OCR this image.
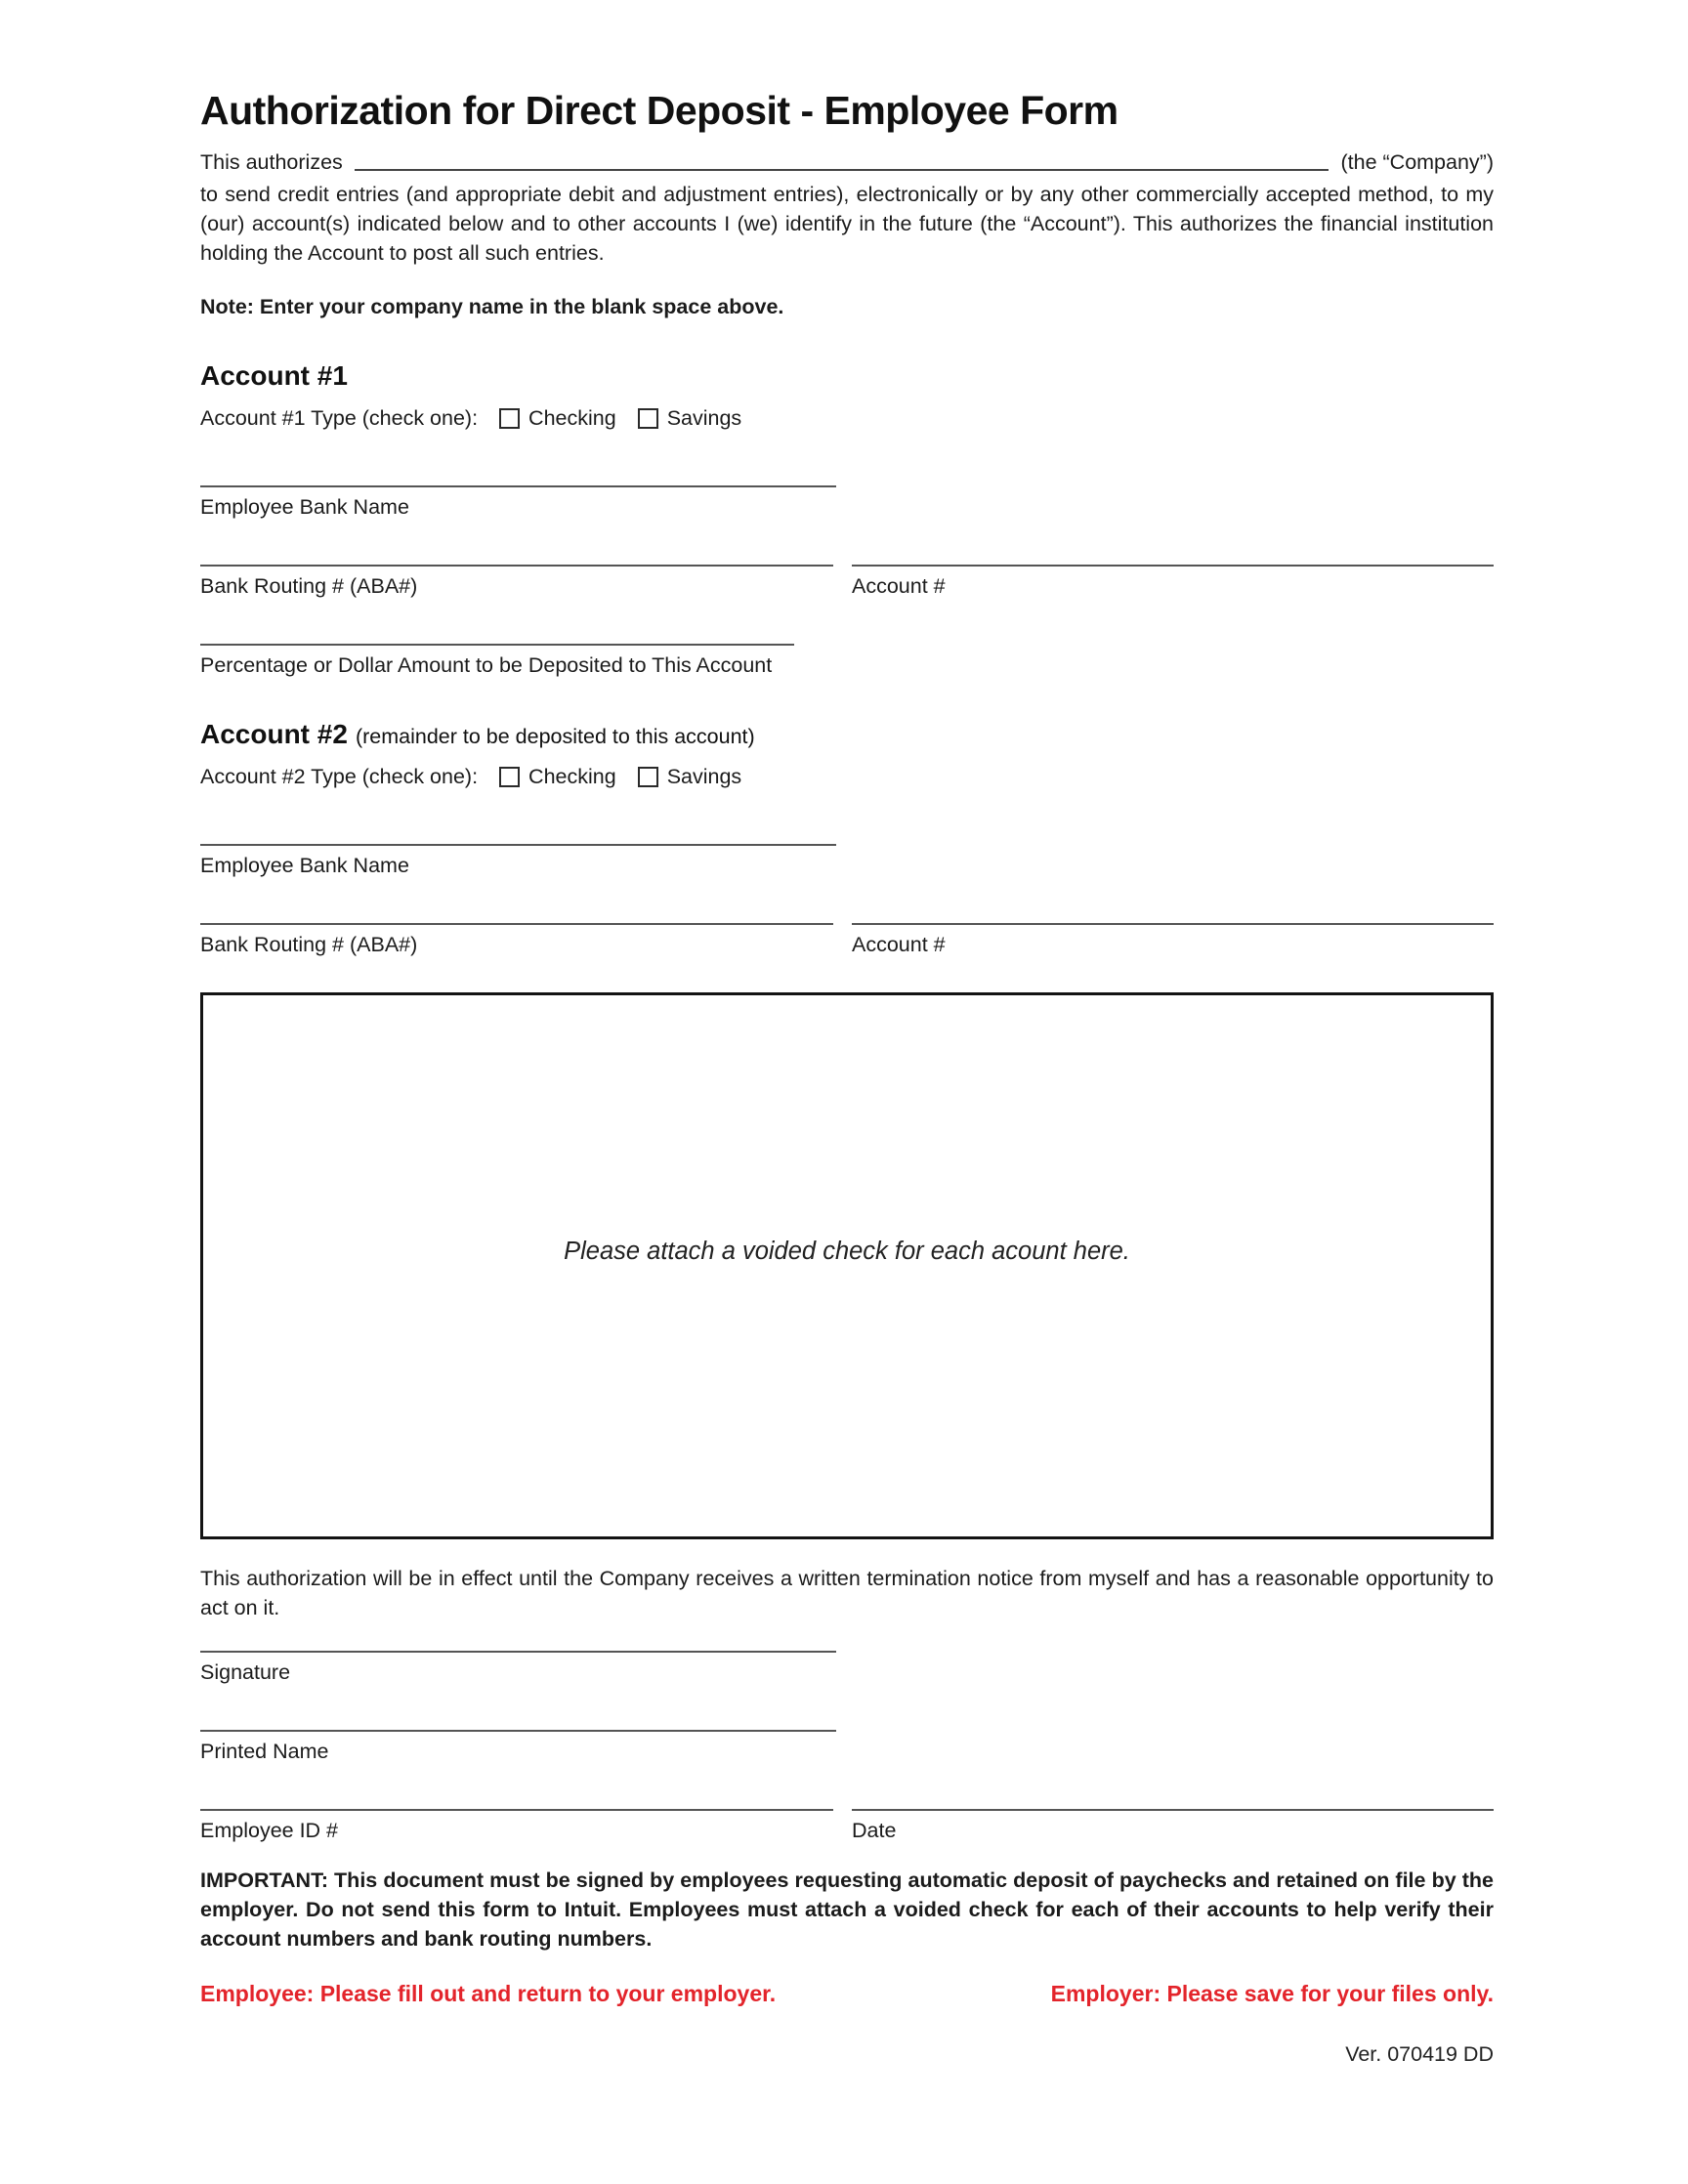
Authorization for Direct Deposit - Employee Form
This authorizes	(the “Company”)
to send credit entries (and appropriate debit and adjustment entries), electronically or by any other commercially accepted method, to my (our) account(s) indicated below and to other accounts I (we) identify in the future (the “Account”). This authorizes the financial institution holding the Account to post all such entries.
Note: Enter your company name in the blank space above.
Account #1
Account #1 Type (check one): Checking Savings
Employee Bank Name
Bank Routing # (ABA#)	Account #
Percentage or Dollar Amount to be Deposited to This Account
Account #2 (remainder to be deposited to this account)
Account #2 Type (check one): Checking Savings
Employee Bank Name
Bank Routing # (ABA#)	Account #
Please attach a voided check for each acount here.
This authorization will be in effect until the Company receives a written termination notice from myself and has a reasonable opportunity to act on it.
Signature
Printed Name
Employee ID #	Date
IMPORTANT: This document must be signed by employees requesting automatic deposit of paychecks and retained on file by the employer. Do not send this form to Intuit. Employees must attach a voided check for each of their accounts to help verify their account numbers and bank routing numbers.
Employee: Please fill out and return to your employer.	Employer: Please save for your files only.
Ver. 070419 DD
